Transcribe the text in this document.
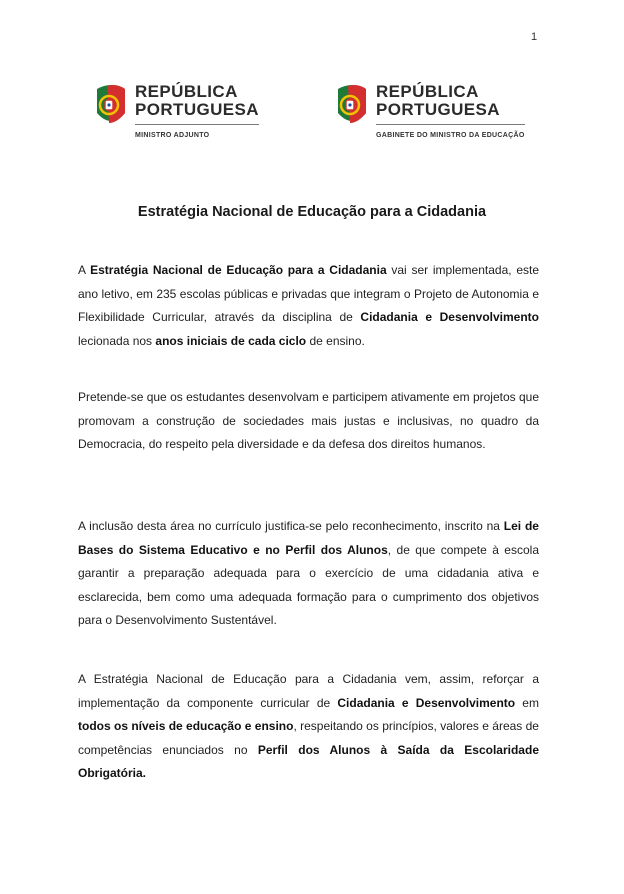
1
REPÚBLICA
PORTUGUESA
MINISTRO ADJUNTO
REPÚBLICA
PORTUGUESA
GABINETE DO MINISTRO DA EDUCAÇÃO
Estratégia Nacional de Educação para a Cidadania

A Estratégia Nacional de Educação para a Cidadania vai ser implementada, este ano letivo, em 235 escolas públicas e privadas que integram o Projeto de Autonomia e Flexibilidade Curricular, através da disciplina de Cidadania e Desenvolvimento lecionada nos anos iniciais de cada ciclo de ensino.

Pretende-se que os estudantes desenvolvam e participem ativamente em projetos que promovam a construção de sociedades mais justas e inclusivas, no quadro da Democracia, do respeito pela diversidade e da defesa dos direitos humanos.

A inclusão desta área no currículo justifica-se pelo reconhecimento, inscrito na Lei de Bases do Sistema Educativo e no Perfil dos Alunos, de que compete à escola garantir a preparação adequada para o exercício de uma cidadania ativa e esclarecida, bem como uma adequada formação para o cumprimento dos objetivos para o Desenvolvimento Sustentável.

A Estratégia Nacional de Educação para a Cidadania vem, assim, reforçar a implementação da componente curricular de Cidadania e Desenvolvimento em todos os níveis de educação e ensino, respeitando os princípios, valores e áreas de competências enunciados no Perfil dos Alunos à Saída da Escolaridade Obrigatória.
